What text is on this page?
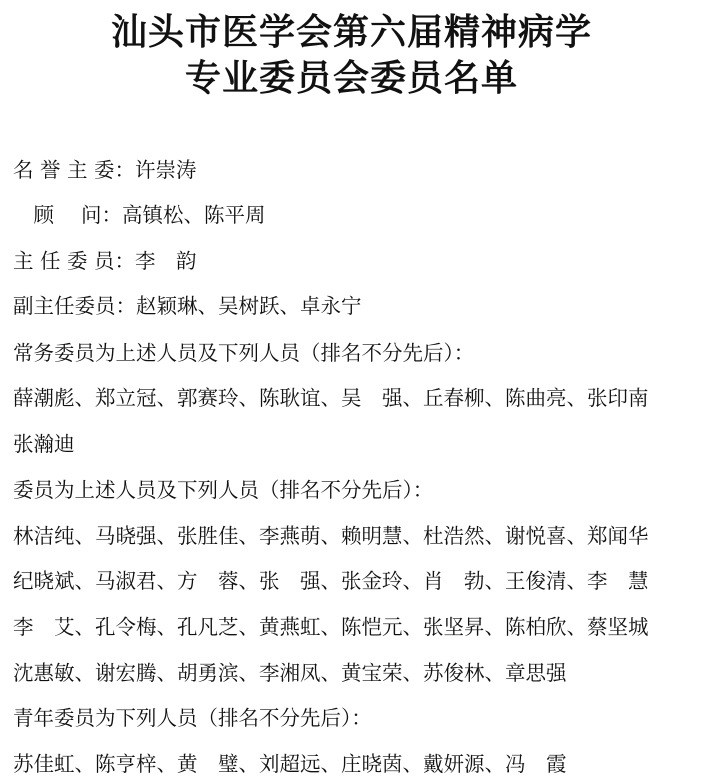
汕头市医学会第六届精神病学
专业委员会委员名单

名 誉 主 委：许崇涛

　顾　 问：高镇松、陈平周

主 任 委 员：李　韵

副主任委员：赵颖琳、吴树跃、卓永宁

常务委员为上述人员及下列人员（排名不分先后）：

薛潮彪、郑立冠、郭赛玲、陈耿谊、吴　强、丘春柳、陈曲亮、张印南

张瀚迪

委员为上述人员及下列人员（排名不分先后）：

林洁纯、马晓强、张胜佳、李燕萌、赖明慧、杜浩然、谢悦喜、郑闻华

纪晓斌、马淑君、方　蓉、张　强、张金玲、肖　勃、王俊清、李　慧

李　艾、孔令梅、孔凡芝、黄燕虹、陈恺元、张坚昇、陈柏欣、蔡坚城

沈惠敏、谢宏腾、胡勇滨、李湘凤、黄宝荣、苏俊林、章思强

青年委员为下列人员（排名不分先后）：

苏佳虹、陈亨梓、黄　璧、刘超远、庄晓茵、戴妍源、冯　霞
